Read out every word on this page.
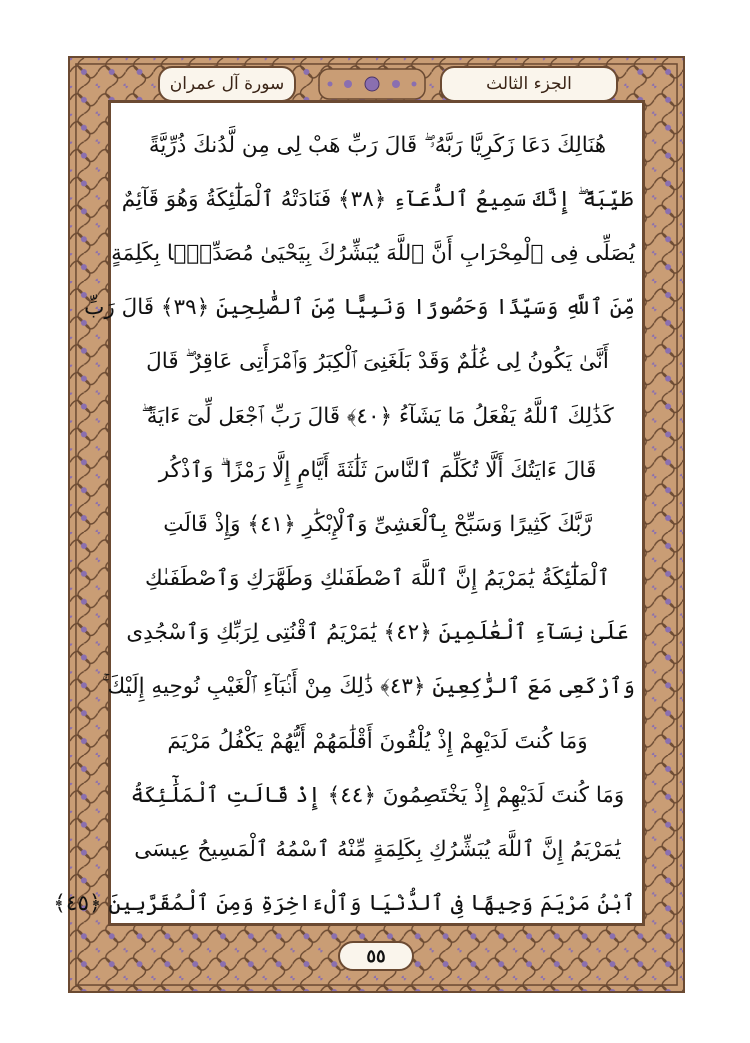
الجزء الثالث
سورة آل عمران
هُنَالِكَ دَعَا زَكَرِيَّا رَبَّهُۥ ۖ قَالَ رَبِّ هَبْ لِى مِن لَّدُنكَ ذُرِّيَّةً
طَيِّبَةً ۖ إِنَّكَ سَمِيعُ ٱلدُّعَآءِ ﴿٣٨﴾ فَنَادَتْهُ ٱلْمَلَٰٓئِكَةُ وَهُوَ قَآئِمٌ
يُصَلِّى فِى ٱلْمِحْرَابِ أَنَّ ٱللَّهَ يُبَشِّرُكَ بِيَحْيَىٰ مُصَدِّقًۢا بِكَلِمَةٍ
مِّنَ ٱللَّهِ وَسَيِّدًا وَحَصُورًا وَنَبِيًّا مِّنَ ٱلصَّٰلِحِينَ ﴿٣٩﴾ قَالَ رَبِّ
أَنَّىٰ يَكُونُ لِى غُلَٰمٌ وَقَدْ بَلَغَنِىَ ٱلْكِبَرُ وَٱمْرَأَتِى عَاقِرٌ ۖ قَالَ
كَذَٰلِكَ ٱللَّهُ يَفْعَلُ مَا يَشَآءُ ﴿٤٠﴾ قَالَ رَبِّ ٱجْعَل لِّىٓ ءَايَةً ۖ
قَالَ ءَايَتُكَ أَلَّا تُكَلِّمَ ٱلنَّاسَ ثَلَٰثَةَ أَيَّامٍ إِلَّا رَمْزًا ۗ وَٱذْكُر
رَّبَّكَ كَثِيرًا وَسَبِّحْ بِٱلْعَشِىِّ وَٱلْإِبْكَٰرِ ﴿٤١﴾ وَإِذْ قَالَتِ
ٱلْمَلَٰٓئِكَةُ يَٰمَرْيَمُ إِنَّ ٱللَّهَ ٱصْطَفَىٰكِ وَطَهَّرَكِ وَٱصْطَفَىٰكِ
عَلَىٰ نِسَآءِ ٱلْعَٰلَمِينَ ﴿٤٢﴾ يَٰمَرْيَمُ ٱقْنُتِى لِرَبِّكِ وَٱسْجُدِى
وَٱرْكَعِى مَعَ ٱلرَّٰكِعِينَ ﴿٤٣﴾ ذَٰلِكَ مِنْ أَنۢبَآءِ ٱلْغَيْبِ نُوحِيهِ إِلَيْكَ ۚ
وَمَا كُنتَ لَدَيْهِمْ إِذْ يُلْقُونَ أَقْلَٰمَهُمْ أَيُّهُمْ يَكْفُلُ مَرْيَمَ
وَمَا كُنتَ لَدَيْهِمْ إِذْ يَخْتَصِمُونَ ﴿٤٤﴾ إِذْ قَالَتِ ٱلْمَلَٰٓئِكَةُ
يَٰمَرْيَمُ إِنَّ ٱللَّهَ يُبَشِّرُكِ بِكَلِمَةٍ مِّنْهُ ٱسْمُهُ ٱلْمَسِيحُ عِيسَى
ٱبْنُ مَرْيَمَ وَجِيهًا فِى ٱلدُّنْيَا وَٱلْءَاخِرَةِ وَمِنَ ٱلْمُقَرَّبِينَ ﴿٤٥﴾
٥٥
